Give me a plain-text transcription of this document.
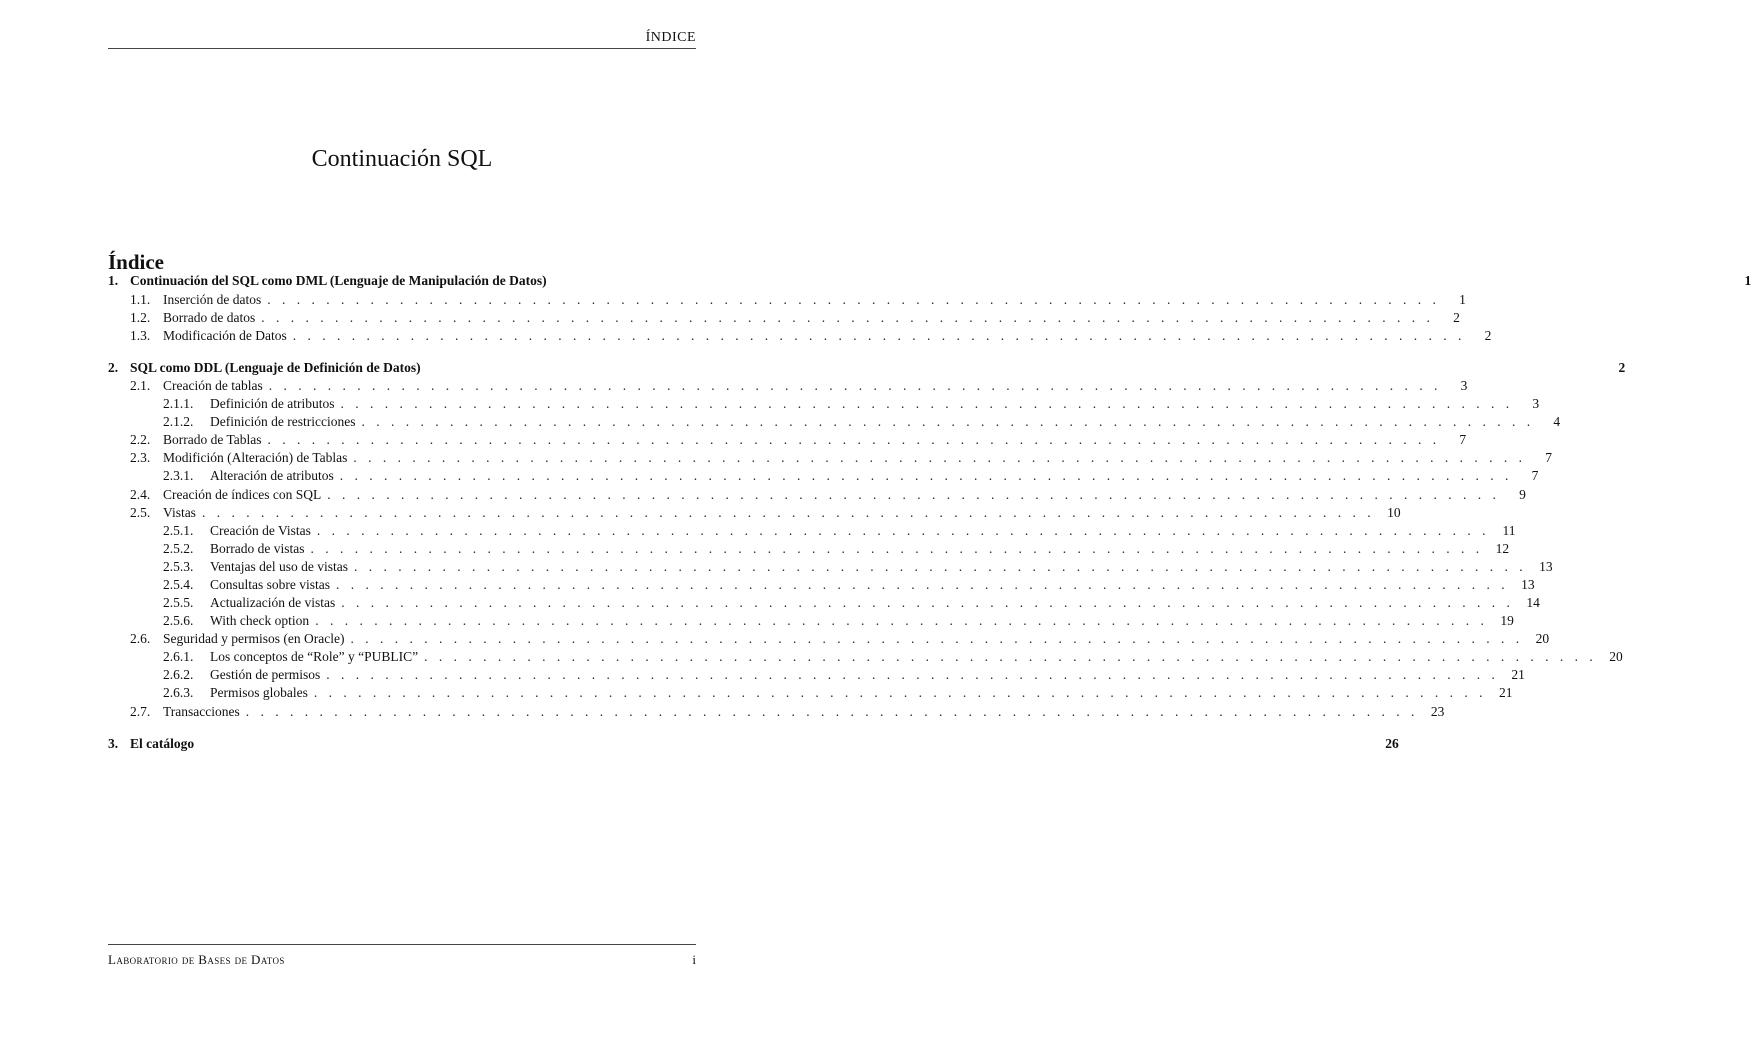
ÍNDICE
Continuación SQL
Índice
1. Continuación del SQL como DML (Lenguaje de Manipulación de Datos)	1
1.1. Inserción de datos . . . . . . . . . . . . . . . . . . . . . . . . . . . . . . . . . . . . . . . . . . . . . . . . . . . . . . . . . . . . . . . . . . . . . . . . . . . . . . . .	1
1.2. Borrado de datos . . . . . . . . . . . . . . . . . . . . . . . . . . . . . . . . . . . . . . . . . . . . . . . . . . . . . . . . . . . . . . . . . . . . . . . . . . . . . . . .	2
1.3. Modificación de Datos . . . . . . . . . . . . . . . . . . . . . . . . . . . . . . . . . . . . . . . . . . . . . . . . . . . . . . . . . . . . . . . . . . . . . . . . . . . . . . . .	2
2. SQL como DDL (Lenguaje de Definición de Datos)	2
2.1. Creación de tablas . . . . . . . . . . . . . . . . . . . . . . . . . . . . . . . . . . . . . . . . . . . . . . . . . . . . . . . . . . . . . . . . . . . . . . . . . . . . . . . .	3
2.1.1.	Definición de atributos . . . . . . . . . . . . . . . . . . . . . . . . . . . . . . . . . . . . . . . . . . . . . . . . . . . . . . . . . . . . . . . . . . . . . . . . . . . . . . . .	3
2.1.2.	Definición de restricciones . . . . . . . . . . . . . . . . . . . . . . . . . . . . . . . . . . . . . . . . . . . . . . . . . . . . . . . . . . . . . . . . . . . . . . . . . . . . . . . .	4
2.2. Borrado de Tablas . . . . . . . . . . . . . . . . . . . . . . . . . . . . . . . . . . . . . . . . . . . . . . . . . . . . . . . . . . . . . . . . . . . . . . . . . . . . . . . .	7
2.3. Modifición (Alteración) de Tablas . . . . . . . . . . . . . . . . . . . . . . . . . . . . . . . . . . . . . . . . . . . . . . . . . . . . . . . . . . . . . . . . . . . . . . . . . . . . . . . .	7
2.3.1.	Alteración de atributos . . . . . . . . . . . . . . . . . . . . . . . . . . . . . . . . . . . . . . . . . . . . . . . . . . . . . . . . . . . . . . . . . . . . . . . . . . . . . . . .	7
2.4. Creación de índices con SQL . . . . . . . . . . . . . . . . . . . . . . . . . . . . . . . . . . . . . . . . . . . . . . . . . . . . . . . . . . . . . . . . . . . . . . . . . . . . . . . .	9
2.5. Vistas . . . . . . . . . . . . . . . . . . . . . . . . . . . . . . . . . . . . . . . . . . . . . . . . . . . . . . . . . . . . . . . . . . . . . . . . . . . . . . . . 10
2.5.1.	Creación de Vistas . . . . . . . . . . . . . . . . . . . . . . . . . . . . . . . . . . . . . . . . . . . . . . . . . . . . . . . . . . . . . . . . . . . . . . . . . . . . . . . . 11
2.5.2.	Borrado de vistas . . . . . . . . . . . . . . . . . . . . . . . . . . . . . . . . . . . . . . . . . . . . . . . . . . . . . . . . . . . . . . . . . . . . . . . . . . . . . . . . 12
2.5.3.	Ventajas del uso de vistas . . . . . . . . . . . . . . . . . . . . . . . . . . . . . . . . . . . . . . . . . . . . . . . . . . . . . . . . . . . . . . . . . . . . . . . . . . . . . . . . 13
2.5.4.	Consultas sobre vistas . . . . . . . . . . . . . . . . . . . . . . . . . . . . . . . . . . . . . . . . . . . . . . . . . . . . . . . . . . . . . . . . . . . . . . . . . . . . . . . . 13
2.5.5.	Actualización de vistas . . . . . . . . . . . . . . . . . . . . . . . . . . . . . . . . . . . . . . . . . . . . . . . . . . . . . . . . . . . . . . . . . . . . . . . . . . . . . . . . 14
2.5.6.	With check option . . . . . . . . . . . . . . . . . . . . . . . . . . . . . . . . . . . . . . . . . . . . . . . . . . . . . . . . . . . . . . . . . . . . . . . . . . . . . . . . 19
2.6. Seguridad y permisos (en Oracle) . . . . . . . . . . . . . . . . . . . . . . . . . . . . . . . . . . . . . . . . . . . . . . . . . . . . . . . . . . . . . . . . . . . . . . . . . . . . . . . . 20
2.6.1.	Los conceptos de “Role” y “PUBLIC” . . . . . . . . . . . . . . . . . . . . . . . . . . . . . . . . . . . . . . . . . . . . . . . . . . . . . . . . . . . . . . . . . . . . . . . . . . . . . . . . 20
2.6.2.	Gestión de permisos . . . . . . . . . . . . . . . . . . . . . . . . . . . . . . . . . . . . . . . . . . . . . . . . . . . . . . . . . . . . . . . . . . . . . . . . . . . . . . . . 21
2.6.3.	Permisos globales . . . . . . . . . . . . . . . . . . . . . . . . . . . . . . . . . . . . . . . . . . . . . . . . . . . . . . . . . . . . . . . . . . . . . . . . . . . . . . . . 21
2.7. Transacciones . . . . . . . . . . . . . . . . . . . . . . . . . . . . . . . . . . . . . . . . . . . . . . . . . . . . . . . . . . . . . . . . . . . . . . . . . . . . . . . . 23
3. El catálogo	26
Laboratorio de Bases de Datos	i
